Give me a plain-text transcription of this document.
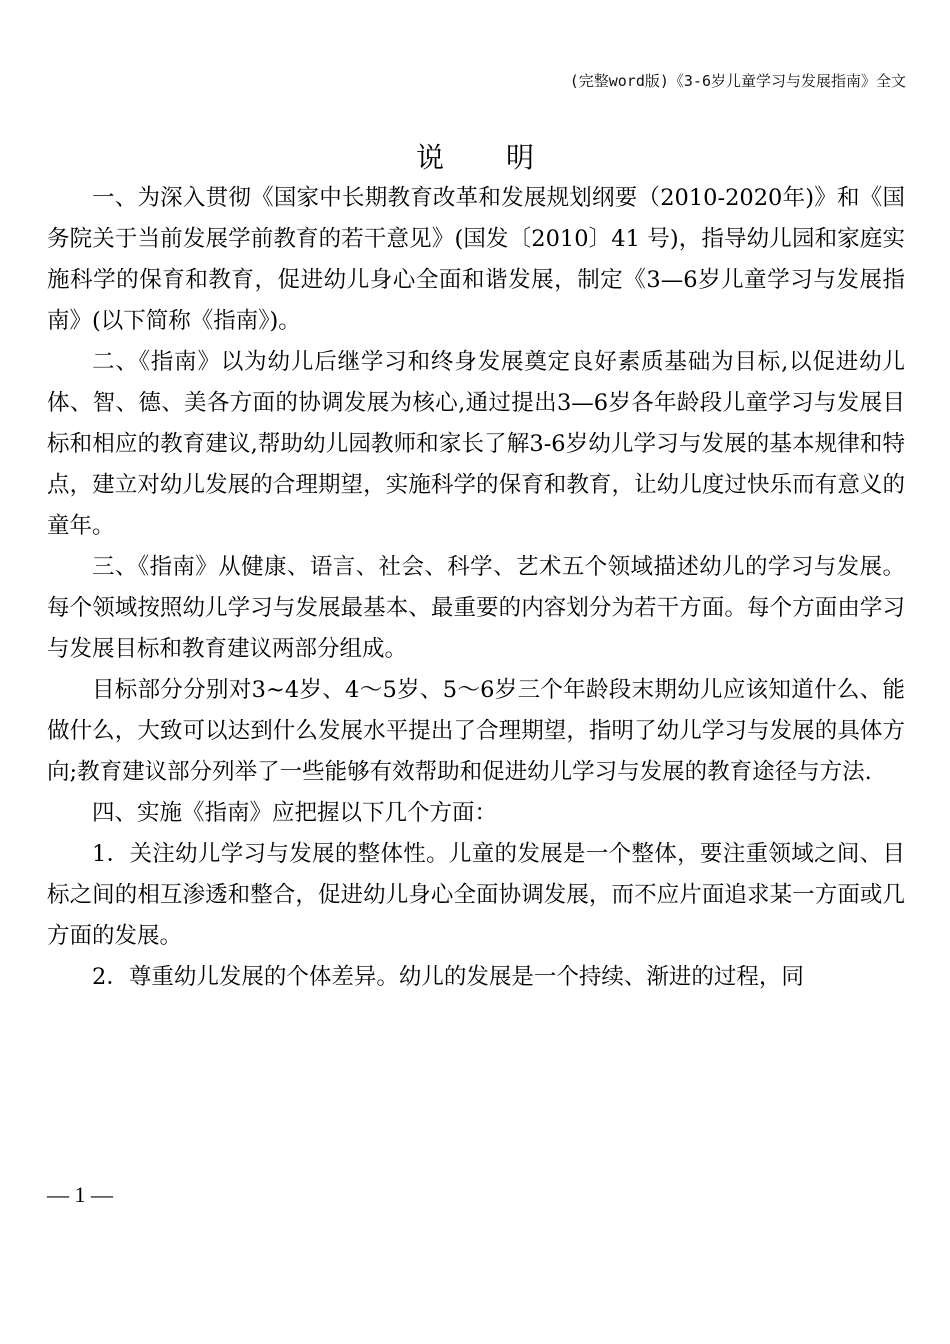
(完整word版)《3-6岁儿童学习与发展指南》全文
说明

一、为深入贯彻《国家中长期教育改革和发展规划纲要（2010-2020年)》和《国务院关于当前发展学前教育的若干意见》(国发〔2010〕41 号)，指导幼儿园和家庭实施科学的保育和教育，促进幼儿身心全面和谐发展，制定《3—6岁儿童学习与发展指南》(以下简称《指南》)。

二、《指南》以为幼儿后继学习和终身发展奠定良好素质基础为目标,以促进幼儿体、智、德、美各方面的协调发展为核心,通过提出3—6岁各年龄段儿童学习与发展目标和相应的教育建议,帮助幼儿园教师和家长了解3-6岁幼儿学习与发展的基本规律和特点，建立对幼儿发展的合理期望，实施科学的保育和教育，让幼儿度过快乐而有意义的童年。

三、《指南》从健康、语言、社会、科学、艺术五个领域描述幼儿的学习与发展。每个领域按照幼儿学习与发展最基本、最重要的内容划分为若干方面。每个方面由学习与发展目标和教育建议两部分组成。

目标部分分别对3~4岁、4～5岁、5～6岁三个年龄段末期幼儿应该知道什么、能做什么，大致可以达到什么发展水平提出了合理期望，指明了幼儿学习与发展的具体方向;教育建议部分列举了一些能够有效帮助和促进幼儿学习与发展的教育途径与方法.

四、实施《指南》应把握以下几个方面：

1．关注幼儿学习与发展的整体性。儿童的发展是一个整体，要注重领域之间、目标之间的相互渗透和整合，促进幼儿身心全面协调发展，而不应片面追求某一方面或几方面的发展。

2．尊重幼儿发展的个体差异。幼儿的发展是一个持续、渐进的过程，同

— 1 —
